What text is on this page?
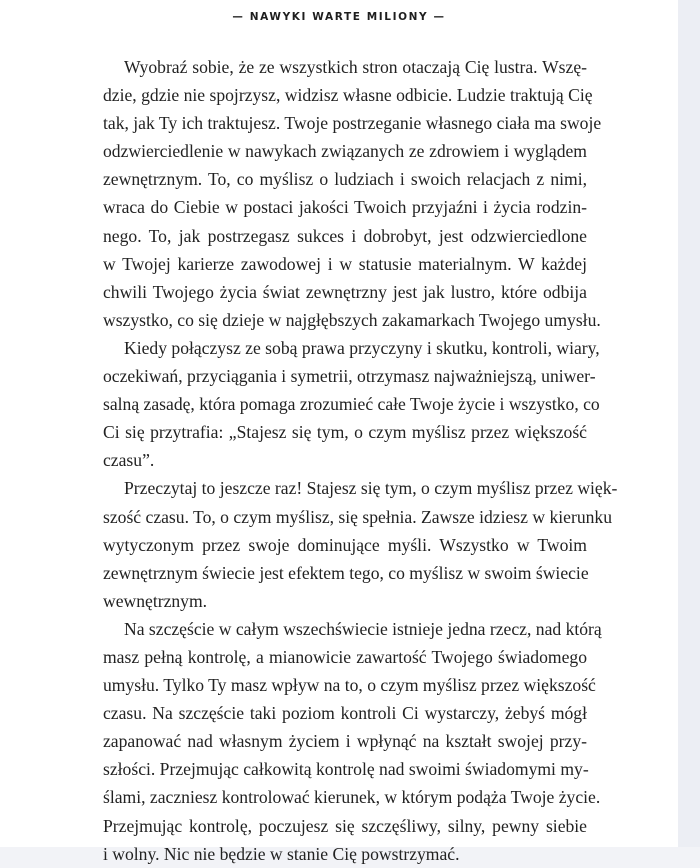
— NAWYKI WARTE MILIONY —
Wyobraź sobie, że ze wszystkich stron otaczają Cię lustra. Wszę-
dzie, gdzie nie spojrzysz, widzisz własne odbicie. Ludzie traktują Cię
tak, jak Ty ich traktujesz. Twoje postrzeganie własnego ciała ma swoje
odzwierciedlenie w nawykach związanych ze zdrowiem i wyglądem
zewnętrznym. To, co myślisz o ludziach i swoich relacjach z nimi,
wraca do Ciebie w postaci jakości Twoich przyjaźni i życia rodzin-
nego. To, jak postrzegasz sukces i dobrobyt, jest odzwierciedlone
w Twojej karierze zawodowej i w statusie materialnym. W każdej
chwili Twojego życia świat zewnętrzny jest jak lustro, które odbija
wszystko, co się dzieje w najgłębszych zakamarkach Twojego umysłu.
Kiedy połączysz ze sobą prawa przyczyny i skutku, kontroli, wiary,
oczekiwań, przyciągania i symetrii, otrzymasz najważniejszą, uniwer-
salną zasadę, która pomaga zrozumieć całe Twoje życie i wszystko, co
Ci się przytrafia: „Stajesz się tym, o czym myślisz przez większość
czasu”.
Przeczytaj to jeszcze raz! Stajesz się tym, o czym myślisz przez więk-
szość czasu. To, o czym myślisz, się spełnia. Zawsze idziesz w kierunku
wytyczonym przez swoje dominujące myśli. Wszystko w Twoim
zewnętrznym świecie jest efektem tego, co myślisz w swoim świecie
wewnętrznym.
Na szczęście w całym wszechświecie istnieje jedna rzecz, nad którą
masz pełną kontrolę, a mianowicie zawartość Twojego świadomego
umysłu. Tylko Ty masz wpływ na to, o czym myślisz przez większość
czasu. Na szczęście taki poziom kontroli Ci wystarczy, żebyś mógł
zapanować nad własnym życiem i wpłynąć na kształt swojej przy-
szłości. Przejmując całkowitą kontrolę nad swoimi świadomymi my-
ślami, zaczniesz kontrolować kierunek, w którym podąża Twoje życie.
Przejmując kontrolę, poczujesz się szczęśliwy, silny, pewny siebie
i wolny. Nic nie będzie w stanie Cię powstrzymać.
